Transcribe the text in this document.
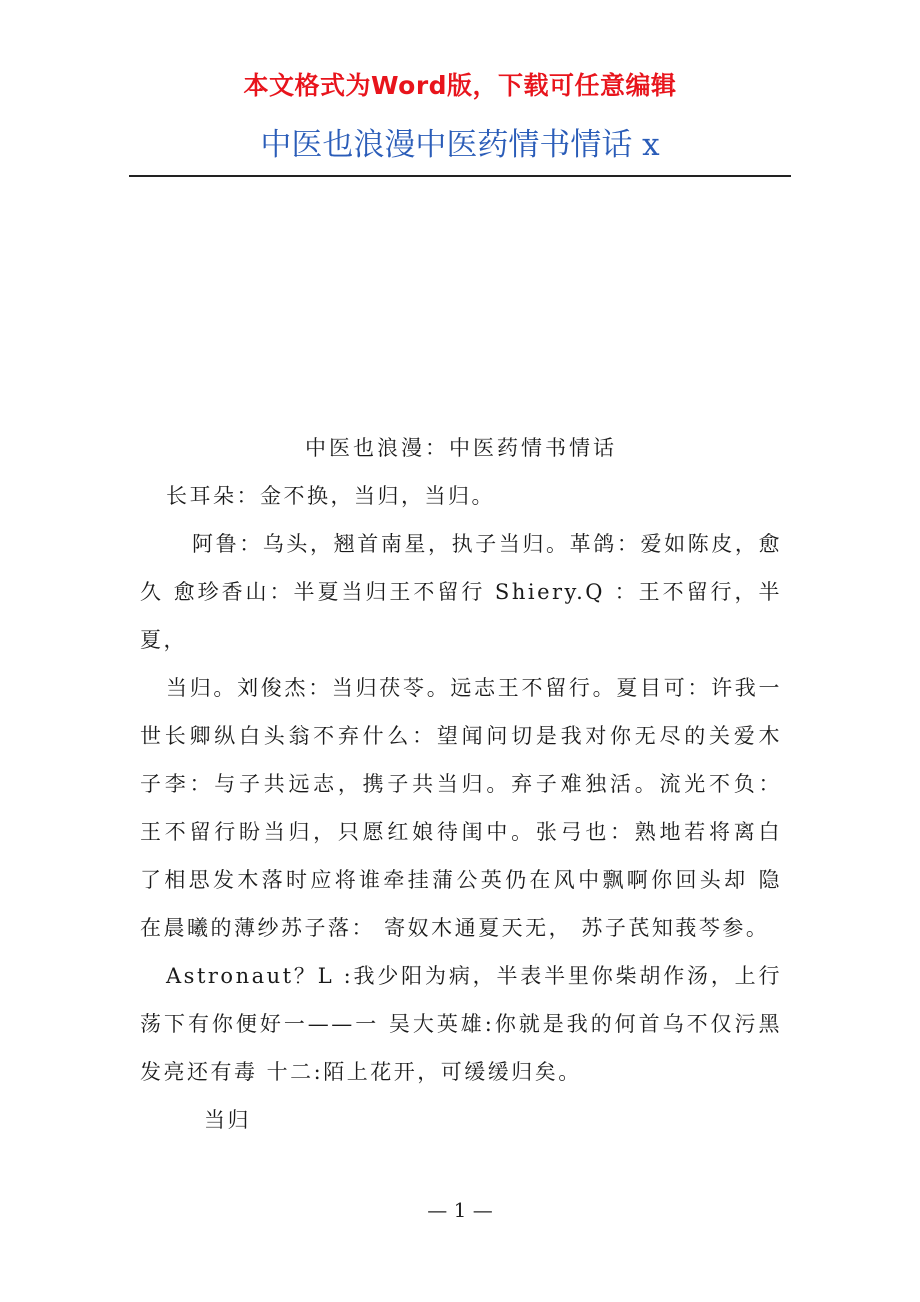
本文格式为Word版，下载可任意编辑
中医也浪漫中医药情书情话 x

中医也浪漫：中医药情书情话

长耳朵：金不换，当归，当归。

阿鲁：乌头，翘首南星，执子当归。革鸽：爱如陈皮，愈久 愈珍香山：半夏当归王不留行 Shiery.Q ：王不留行，半夏，

当归。刘俊杰：当归茯苓。远志王不留行。夏目可：许我一 世长卿纵白头翁不弃什么：望闻问切是我对你无尽的关爱木 子李：与子共远志，携子共当归。弃子难独活。流光不负： 王不留行盼当归，只愿红娘待闺中。张弓也：熟地若将离白 了相思发木落时应将谁牵挂蒲公英仍在风中飘啊你回头却 隐在晨曦的薄纱苏子落： 寄奴木通夏天无， 苏子芪知莪芩参。

Astronaut？L :我少阳为病，半表半里你柴胡作汤，上行荡下有你便好一——一 吴大英雄:你就是我的何首乌不仅污黑发亮还有毒 十二:陌上花开，可缓缓归矣。

当归

— 1 —
